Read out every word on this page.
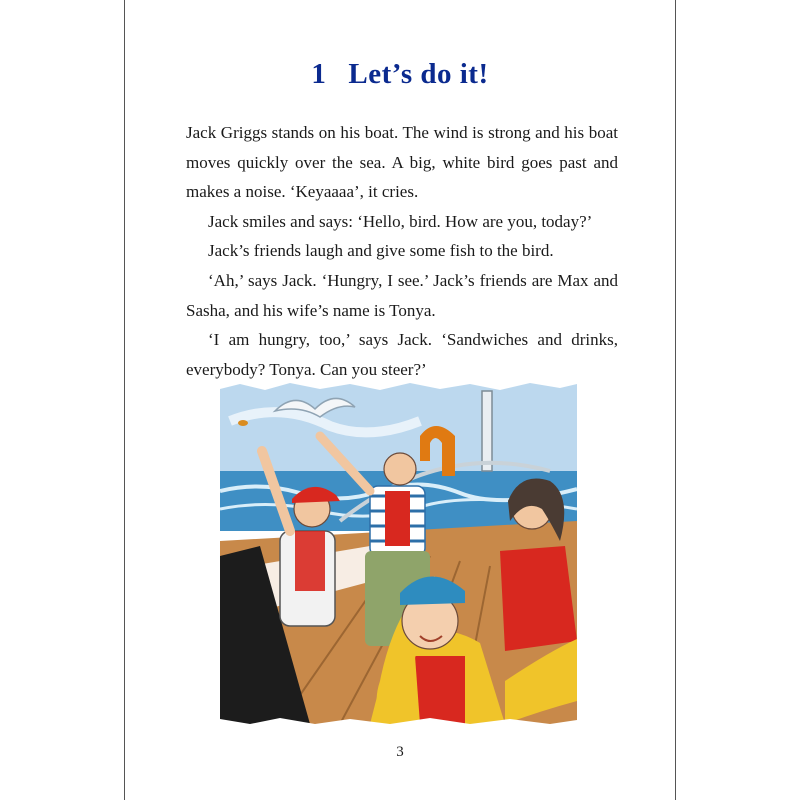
1 Let’s do it!

Jack Griggs stands on his boat. The wind is strong and his boat moves quickly over the sea. A big, white bird goes past and makes a noise. ‘Keyaaaa’, it cries.

Jack smiles and says: ‘Hello, bird. How are you, today?’

Jack’s friends laugh and give some fish to the bird.

‘Ah,’ says Jack. ‘Hungry, I see.’ Jack’s friends are Max and Sasha, and his wife’s name is Tonya.

‘I am hungry, too,’ says Jack. ‘Sandwiches and drinks, everybody? Tonya. Can you steer?’

3
